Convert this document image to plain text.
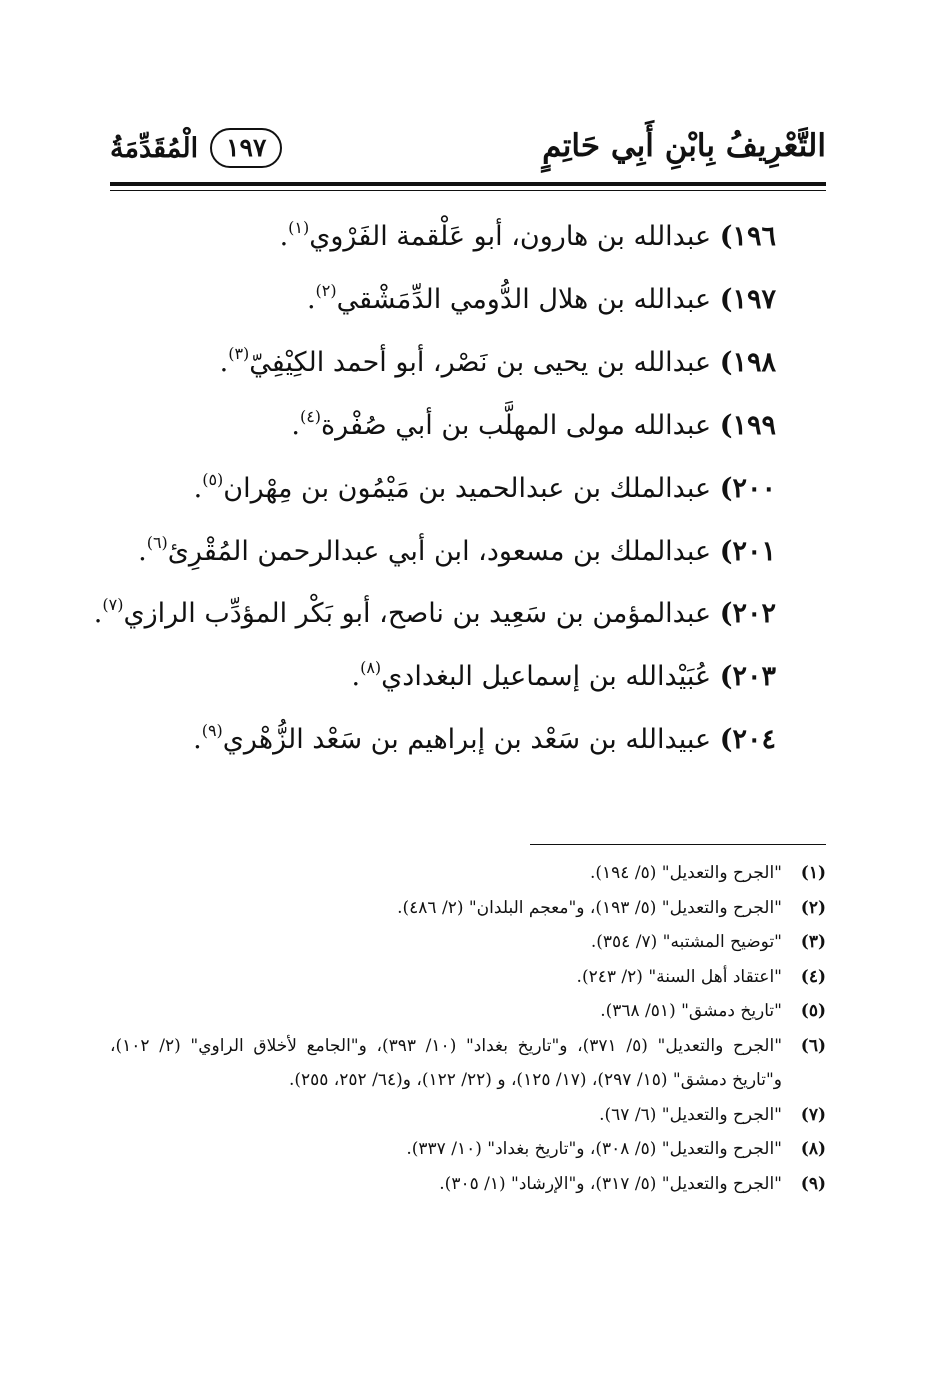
التَّعْرِيفُ بِابْنِ أَبِي حَاتِمٍ
الْمُقَدِّمَةُ	١٩٧
١٩٦) عبدالله بن هارون، أبو عَلْقمة الفَرْوي$^{(١)}$.
١٩٧) عبدالله بن هلال الدُّومي الدِّمَشْقي$^{(٢)}$.
١٩٨) عبدالله بن يحيى بن نَصْر، أبو أحمد الكِيْفِيّ$^{(٣)}$.
١٩٩) عبدالله مولى المهلَّب بن أبي صُفْرة$^{(٤)}$.
٢٠٠) عبدالملك بن عبدالحميد بن مَيْمُون بن مِهْران$^{(٥)}$.
٢٠١) عبدالملك بن مسعود، ابن أبي عبدالرحمن المُقْرِئ$^{(٦)}$.
٢٠٢) عبدالمؤمن بن سَعِيد بن ناصح، أبو بَكْر المؤدِّب الرازي$^{(٧)}$.
٢٠٣) عُبَيْدالله بن إسماعيل البغدادي$^{(٨)}$.
٢٠٤) عبيدالله بن سَعْد بن إبراهيم بن سَعْد الزُّهْري$^{(٩)}$.
(١)
"الجرح والتعديل" (٥/ ١٩٤).
(٢)
"الجرح والتعديل" (٥/ ١٩٣)، و"معجم البلدان" (٢/ ٤٨٦).
(٣)
"توضيح المشتبه" (٧/ ٣٥٤).
(٤)
"اعتقاد أهل السنة" (٢/ ٢٤٣).
(٥)
"تاريخ دمشق" (٥١/ ٣٦٨).
(٦)
"الجرح والتعديل" (٥/ ٣٧١)، و"تاريخ بغداد" (١٠/ ٣٩٣)، و"الجامع لأخلاق الراوي" (٢/ ١٠٢)، و"تاريخ دمشق" (١٥/ ٢٩٧)، (١٧/ ١٢٥)، و (٢٢/ ١٢٢)، و(٦٤/ ٢٥٢، ٢٥٥).
(٧)
"الجرح والتعديل" (٦/ ٦٧).
(٨)
"الجرح والتعديل" (٥/ ٣٠٨)، و"تاريخ بغداد" (١٠/ ٣٣٧).
(٩)
"الجرح والتعديل" (٥/ ٣١٧)، و"الإرشاد" (١/ ٣٠٥).
